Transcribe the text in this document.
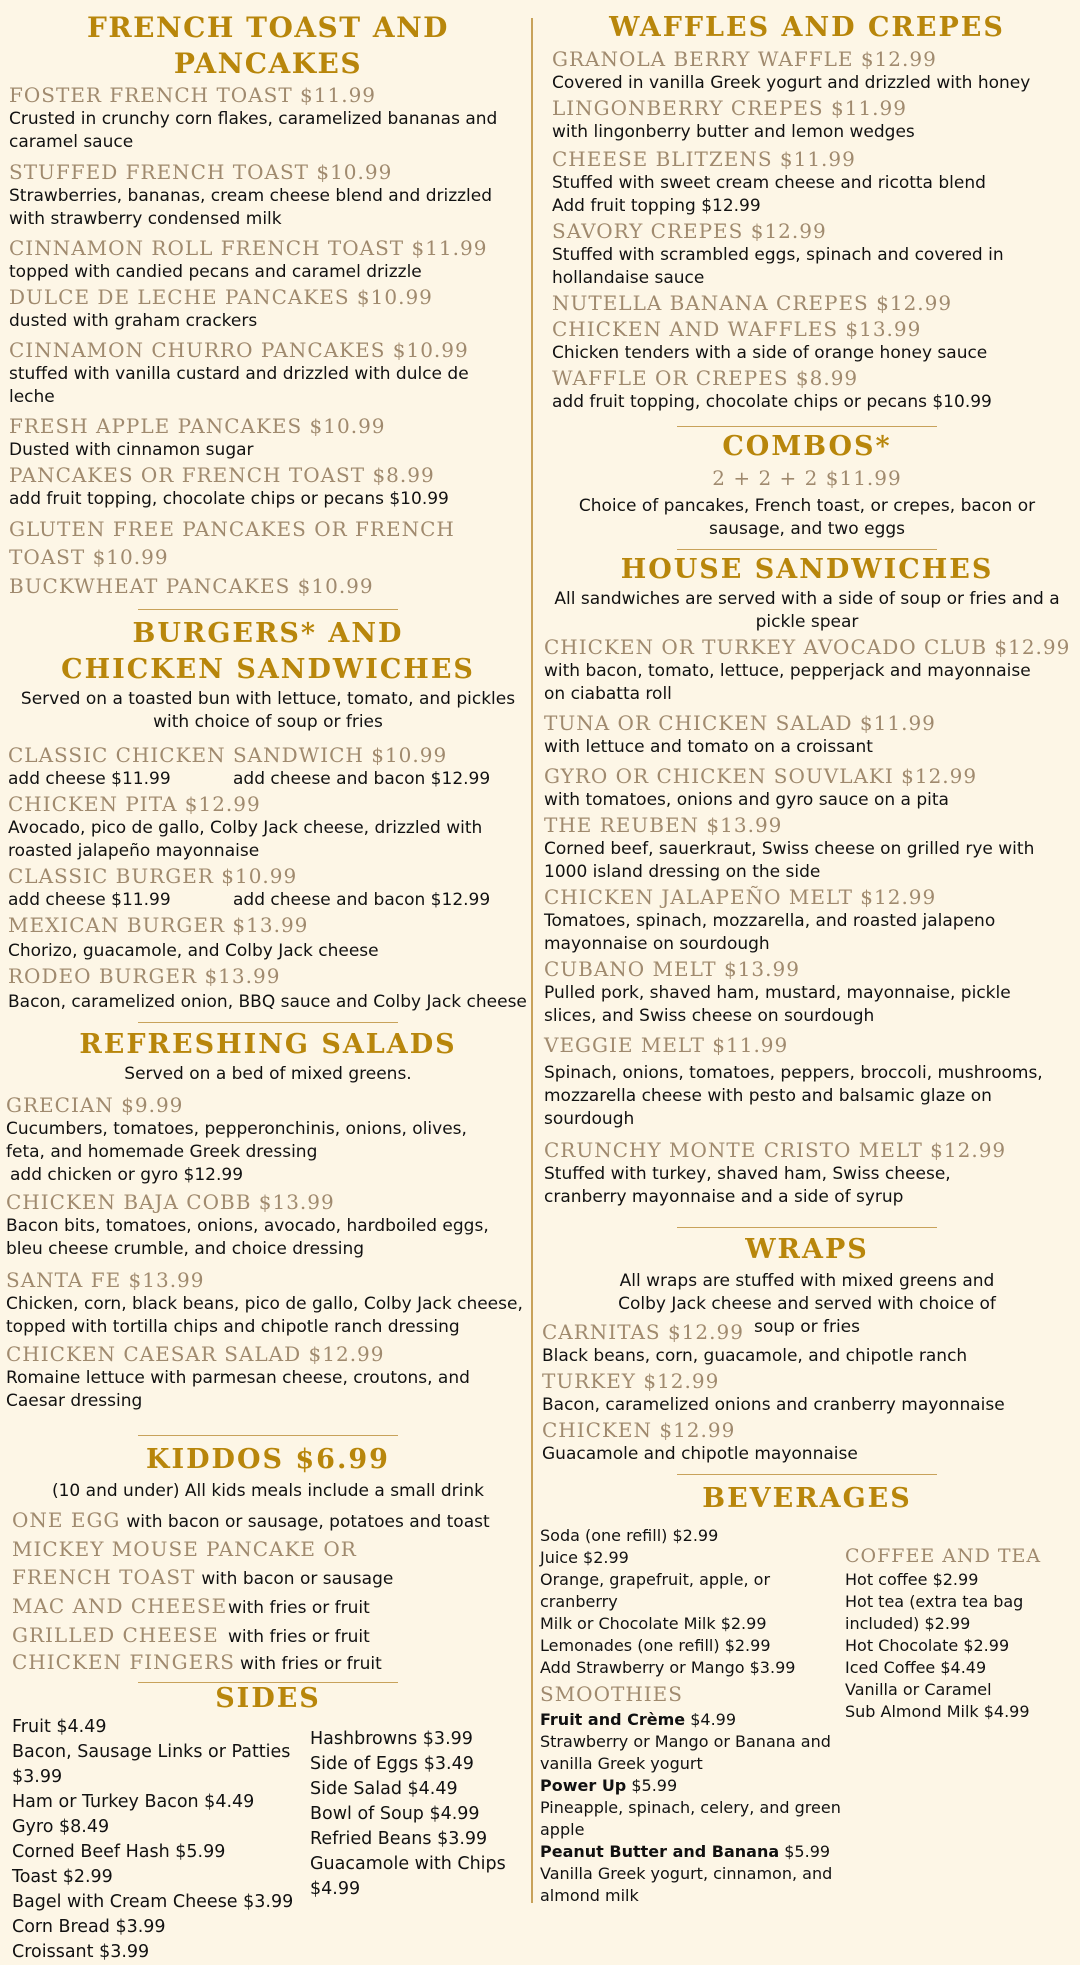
FRENCH TOAST AND PANCAKES

FOSTER FRENCH TOAST $11.99

Crusted in crunchy corn flakes, caramelized bananas and caramel sauce

STUFFED FRENCH TOAST $10.99

Strawberries, bananas, cream cheese blend and drizzled with strawberry condensed milk

CINNAMON ROLL FRENCH TOAST $11.99

topped with candied pecans and caramel drizzle

DULCE DE LECHE PANCAKES $10.99

dusted with graham crackers

CINNAMON CHURRO PANCAKES $10.99

stuffed with vanilla custard and drizzled with dulce de leche

FRESH APPLE PANCAKES $10.99

Dusted with cinnamon sugar

PANCAKES OR FRENCH TOAST $8.99

add fruit topping, chocolate chips or pecans $10.99

GLUTEN FREE PANCAKES OR FRENCH TOAST $10.99

BUCKWHEAT PANCAKES $10.99

BURGERS* AND CHICKEN SANDWICHES

Served on a toasted bun with lettuce, tomato, and pickles with choice of soup or fries

CLASSIC CHICKEN SANDWICH $10.99

add cheese $11.99	add cheese and bacon $12.99

CHICKEN PITA $12.99

Avocado, pico de gallo, Colby Jack cheese, drizzled with roasted jalapeño mayonnaise

CLASSIC BURGER $10.99

add cheese $11.99	add cheese and bacon $12.99

MEXICAN BURGER $13.99

Chorizo, guacamole, and Colby Jack cheese

RODEO BURGER $13.99

Bacon, caramelized onion, BBQ sauce and Colby Jack cheese

REFRESHING SALADS

Served on a bed of mixed greens.

GRECIAN $9.99

Cucumbers, tomatoes, pepperonchinis, onions, olives, feta, and homemade Greek dressing

add chicken or gyro $12.99

CHICKEN BAJA COBB $13.99

Bacon bits, tomatoes, onions, avocado, hardboiled eggs, bleu cheese crumble, and choice dressing

SANTA FE $13.99

Chicken, corn, black beans, pico de gallo, Colby Jack cheese, topped with tortilla chips and chipotle ranch dressing

CHICKEN CAESAR SALAD $12.99

Romaine lettuce with parmesan cheese, croutons, and Caesar dressing

KIDDOS $6.99

(10 and under) All kids meals include a small drink

ONE EGG with bacon or sausage, potatoes and toast
MICKEY MOUSE PANCAKE OR
FRENCH TOAST with bacon or sausage
MAC AND CHEESE with fries or fruit
GRILLED CHEESE with fries or fruit
CHICKEN FINGERS with fries or fruit
SIDES
Fruit $4.49
Bacon, Sausage Links or Patties $3.99
Ham or Turkey Bacon $4.49
Gyro $8.49
Corned Beef Hash $5.99
Toast $2.99
Bagel with Cream Cheese $3.99
Corn Bread $3.99
Croissant $3.99
Hashbrowns $3.99
Side of Eggs $3.49
Side Salad $4.49
Bowl of Soup $4.99
Refried Beans $3.99
Guacamole with Chips $4.99
WAFFLES AND CREPES

GRANOLA BERRY WAFFLE $12.99

Covered in vanilla Greek yogurt and drizzled with honey

LINGONBERRY CREPES $11.99

with lingonberry butter and lemon wedges

CHEESE BLITZENS $11.99

Stuffed with sweet cream cheese and ricotta blend

Add fruit topping $12.99

SAVORY CREPES $12.99

Stuffed with scrambled eggs, spinach and covered in hollandaise sauce

NUTELLA BANANA CREPES $12.99

CHICKEN AND WAFFLES $13.99

Chicken tenders with a side of orange honey sauce

WAFFLE OR CREPES $8.99

add fruit topping, chocolate chips or pecans $10.99

COMBOS*

2 + 2 + 2 $11.99

Choice of pancakes, French toast, or crepes, bacon or sausage, and two eggs

HOUSE SANDWICHES

All sandwiches are served with a side of soup or fries and a pickle spear

CHICKEN OR TURKEY AVOCADO CLUB $12.99

with bacon, tomato, lettuce, pepperjack and mayonnaise on ciabatta roll

TUNA OR CHICKEN SALAD $11.99

with lettuce and tomato on a croissant

GYRO OR CHICKEN SOUVLAKI $12.99

with tomatoes, onions and gyro sauce on a pita

THE REUBEN $13.99

Corned beef, sauerkraut, Swiss cheese on grilled rye with 1000 island dressing on the side

CHICKEN JALAPEÑO MELT $12.99

Tomatoes, spinach, mozzarella, and roasted jalapeno mayonnaise on sourdough

CUBANO MELT $13.99

Pulled pork, shaved ham, mustard, mayonnaise, pickle slices, and Swiss cheese on sourdough

VEGGIE MELT $11.99

Spinach, onions, tomatoes, peppers, broccoli, mushrooms, mozzarella cheese with pesto and balsamic glaze on sourdough

CRUNCHY MONTE CRISTO MELT $12.99

Stuffed with turkey, shaved ham, Swiss cheese, cranberry mayonnaise and a side of syrup

WRAPS

All wraps are stuffed with mixed greens and Colby Jack cheese and served with choice of soup or fries

CARNITAS $12.99

Black beans, corn, guacamole, and chipotle ranch

TURKEY $12.99

Bacon, caramelized onions and cranberry mayonnaise

CHICKEN $12.99

Guacamole and chipotle mayonnaise

BEVERAGES
Soda (one refill) $2.99
Juice $2.99
Orange, grapefruit, apple, or cranberry
Milk or Chocolate Milk $2.99
Lemonades (one refill) $2.99
Add Strawberry or Mango $3.99

SMOOTHIES

Fruit and Crème $4.99
Strawberry or Mango or Banana and vanilla Greek yogurt
Power Up $5.99
Pineapple, spinach, celery, and green apple
Peanut Butter and Banana $5.99
Vanilla Greek yogurt, cinnamon, and almond milk

COFFEE AND TEA

Hot coffee $2.99
Hot tea (extra tea bag included) $2.99
Hot Chocolate $2.99
Iced Coffee $4.49
Vanilla or Caramel
Sub Almond Milk $4.99
